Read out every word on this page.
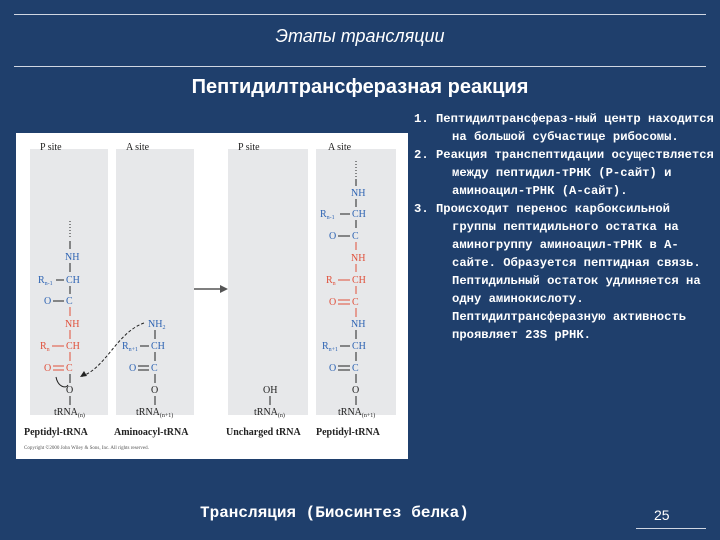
Этапы трансляции
Пептидилтрансферазная реакция
P site	A site	P site	A site
NH
$R_{n-1}$ CH
O C
NH
$R_n$ CH
O C
O
tRNA$_{(n)}$
$NH_2$
$R_{n+1}$ CH
O C
O
tRNA$_{(n+1)}$
OH
tRNA$_{(n)}$
NH
$R_{n-1}$ CH
O C
NH
$R_n$ CH
O C
NH
$R_{n+1}$ CH
O C
O
tRNA$_{(n+1)}$
Peptidyl-tRNA	Aminoacyl-tRNA	Uncharged tRNA Peptidyl-tRNA
Copyright ©2000 John Wiley & Sons, Inc. All rights reserved.
1. Пептидилтрансфераз-ный центр находится на большой субчастице рибосомы.
2. Реакция транспептидации осуществляется между пептидил-тРНК (Р-сайт) и аминоацил-тРНК (А-сайт).
3. Происходит перенос карбоксильной группы пептидильного остатка на аминогруппу аминоацил-тРНК в А-сайте. Образуется пептидная связь. Пептидильный остаток удлиняется на одну аминокислоту. Пептидилтрансферазную активность проявляет 23S рРНК.
Трансляция (Биосинтез белка)	25
